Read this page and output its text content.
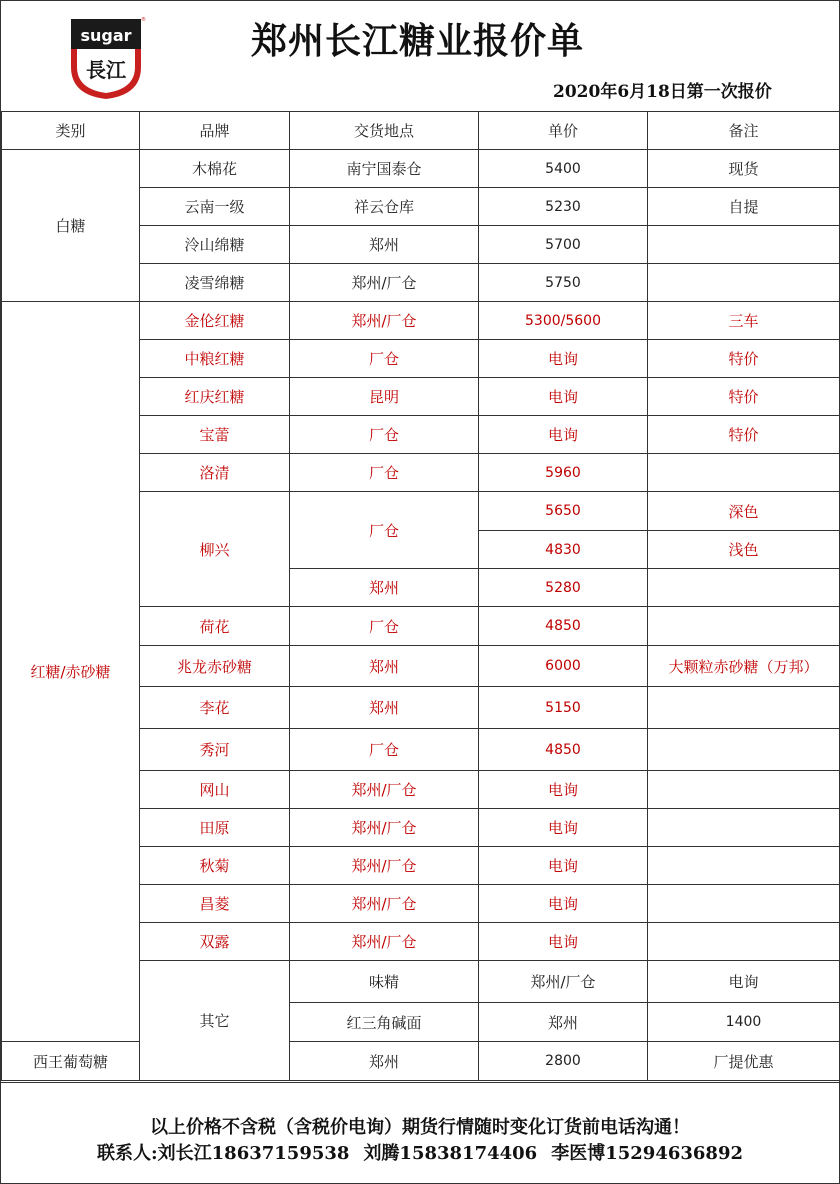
sugar
長江
®	郑州长江糖业报价单
2020年6月18日第一次报价
类别	品牌	交货地点	单价	备注	
白糖	木棉花	南宁国泰仓	5400	现货	
	云南一级	祥云仓库	5230	自提	
	泠山绵糖	郑州	5700		
	凌雪绵糖	郑州/厂仓	5750		
红糖/赤砂糖	金伦红糖	郑州/厂仓	5300/5600	三车	
	中粮红糖	厂仓	电询	特价	
	红庆红糖	昆明	电询	特价	
	宝蕾	厂仓	电询	特价	
	洛清	厂仓	5960		
	柳兴	厂仓	5650	深色	
			4830	浅色	
		郑州	5280		
	荷花	厂仓	4850		
	兆龙赤砂糖	郑州	6000	大颗粒赤砂糖（万邦）	
	李花	郑州	5150		
	秀河	厂仓	4850		
	网山	郑州/厂仓	电询		
	田原	郑州/厂仓	电询		
	秋菊	郑州/厂仓	电询		
	昌菱	郑州/厂仓	电询		
	双露	郑州/厂仓	电询		
	其它	味精	郑州/厂仓	电询	
		红三角碱面	郑州	1400	
西王葡萄糖		郑州	2800	厂提优惠	
以上价格不含税（含税价电询）期货行情随时变化订货前电话沟通！
联系人:刘长江18637159538 刘腾15838174406 李医博15294636892
